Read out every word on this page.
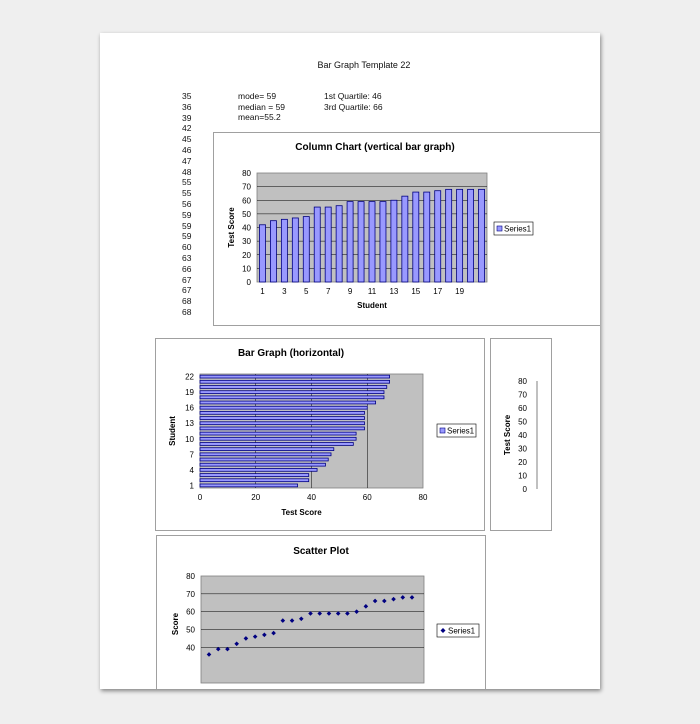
Bar Graph Template 22
35
36
39
42
45
46
47
48
55
55
56
59
59
59
60
63
66
67
67
68
68
mode= 59
median = 59
mean=55.2
1st Quartile: 46
3rd Quartile: 66
Column Chart (vertical bar graph)
0
10
20
30
40
50
60
70
80
1 3 5 7 9 11 13 15 17 19
Student
Test Score	Series1
Bar Graph (horizontal)
0	20	40	60	80
1
4
7
10
13
16
19
22
Test Score
Student	Series1
0
10
20
30
40
50
60
70
80
Test Score
Scatter Plot
40
50
60
70
80
Score	Series1
